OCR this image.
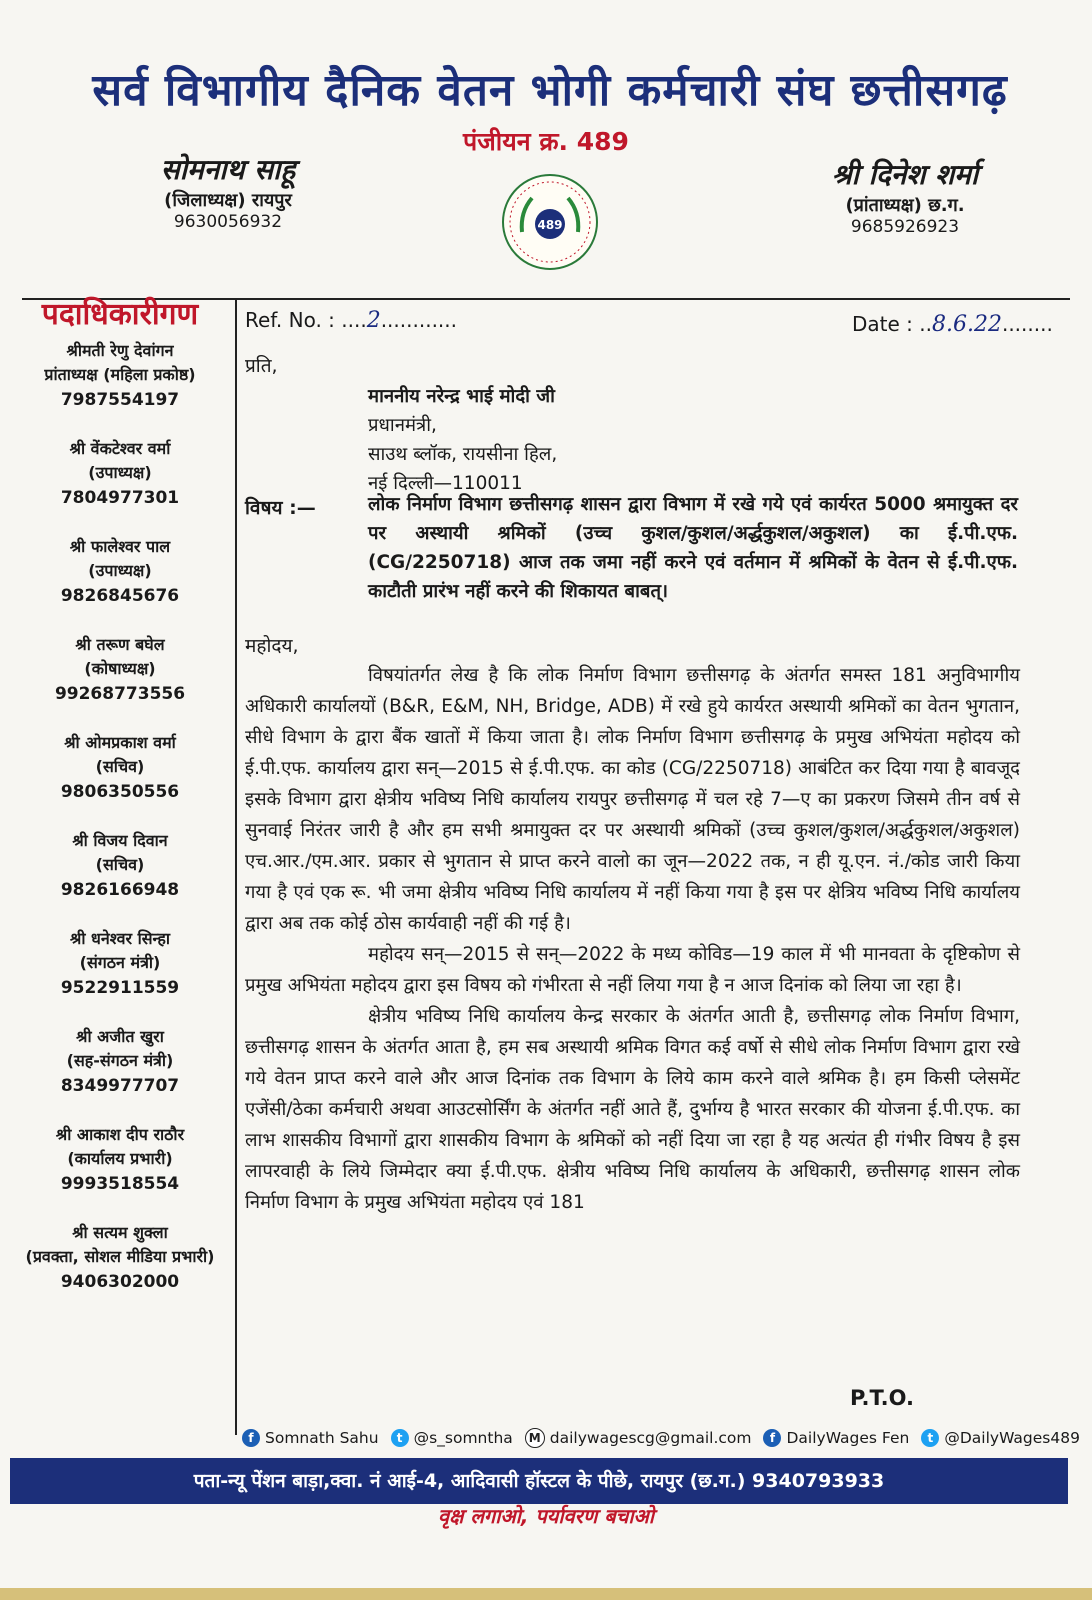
सर्व विभागीय दैनिक वेतन भोगी कर्मचारी संघ छत्तीसगढ़
पंजीयन क्र. 489
सोमनाथ साहू
(जिलाध्यक्ष) रायपुर
9630056932	489
श्री दिनेश शर्मा
(प्रांताध्यक्ष) छ.ग.
9685926923
पदाधिकारीगण
श्रीमती रेणु देवांगन
प्रांताध्यक्ष (महिला प्रकोष्ठ)
7987554197
श्री वेंकटेश्वर वर्मा
(उपाध्यक्ष)
7804977301
श्री फालेश्वर पाल
(उपाध्यक्ष)
9826845676
श्री तरूण बघेल
(कोषाध्यक्ष)
99268773556
श्री ओमप्रकाश वर्मा
(सचिव)
9806350556
श्री विजय दिवान
(सचिव)
9826166948
श्री धनेश्वर सिन्हा
(संगठन मंत्री)
9522911559
श्री अजीत खुरा
(सह-संगठन मंत्री)
8349977707
श्री आकाश दीप राठौर
(कार्यालय प्रभारी)
9993518554
श्री सत्यम शुक्ला
(प्रवक्ता, सोशल मीडिया प्रभारी)
9406302000
Ref. No. : ....2............	Date : ..8.6.22........
प्रति,
माननीय नरेन्द्र भाई मोदी जी
प्रधानमंत्री,
साउथ ब्लॉक, रायसीना हिल,
नई दिल्ली—110011
विषय :—	लोक निर्माण विभाग छत्तीसगढ़ शासन द्वारा विभाग में रखे गये एवं कार्यरत 5000 श्रमायुक्त दर पर अस्थायी श्रमिकों (उच्च कुशल/कुशल/अर्द्धकुशल/अकुशल) का ई.पी.एफ. (CG/2250718) आज तक जमा नहीं करने एवं वर्तमान में श्रमिकों के वेतन से ई.पी.एफ. काटौती प्रारंभ नहीं करने की शिकायत बाबत्।
महोदय,

विषयांतर्गत लेख है कि लोक निर्माण विभाग छत्तीसगढ़ के अंतर्गत समस्त 181 अनुविभागीय अधिकारी कार्यालयों (B&R, E&M, NH, Bridge, ADB) में रखे हुये कार्यरत अस्थायी श्रमिकों का वेतन भुगतान, सीधे विभाग के द्वारा बैंक खातों में किया जाता है। लोक निर्माण विभाग छत्तीसगढ़ के प्रमुख अभियंता महोदय को ई.पी.एफ. कार्यालय द्वारा सन्—2015 से ई.पी.एफ. का कोड (CG/2250718) आबंटित कर दिया गया है बावजूद इसके विभाग द्वारा क्षेत्रीय भविष्य निधि कार्यालय रायपुर छत्तीसगढ़ में चल रहे 7—ए का प्रकरण जिसमे तीन वर्ष से सुनवाई निरंतर जारी है और हम सभी श्रमायुक्त दर पर अस्थायी श्रमिकों (उच्च कुशल/कुशल/अर्द्धकुशल/अकुशल) एच.आर./एम.आर. प्रकार से भुगतान से प्राप्त करने वालो का जून—2022 तक, न ही यू.एन. नं./कोड जारी किया गया है एवं एक रू. भी जमा क्षेत्रीय भविष्य निधि कार्यालय में नहीं किया गया है इस पर क्षेत्रिय भविष्य निधि कार्यालय द्वारा अब तक कोई ठोस कार्यवाही नहीं की गई है।

महोदय सन्—2015 से सन्—2022 के मध्य कोविड—19 काल में भी मानवता के दृष्टिकोण से प्रमुख अभियंता महोदय द्वारा इस विषय को गंभीरता से नहीं लिया गया है न आज दिनांक को लिया जा रहा है।

क्षेत्रीय भविष्य निधि कार्यालय केन्द्र सरकार के अंतर्गत आती है, छत्तीसगढ़ लोक निर्माण विभाग, छत्तीसगढ़ शासन के अंतर्गत आता है, हम सब अस्थायी श्रमिक विगत कई वर्षो से सीधे लोक निर्माण विभाग द्वारा रखे गये वेतन प्राप्त करने वाले और आज दिनांक तक विभाग के लिये काम करने वाले श्रमिक है। हम किसी प्लेसमेंट एजेंसी/ठेका कर्मचारी अथवा आउटसोर्सिंग के अंतर्गत नहीं आते हैं, दुर्भाग्य है भारत सरकार की योजना ई.पी.एफ. का लाभ शासकीय विभागों द्वारा शासकीय विभाग के श्रमिकों को नहीं दिया जा रहा है यह अत्यंत ही गंभीर विषय है इस लापरवाही के लिये जिम्मेदार क्या ई.पी.एफ. क्षेत्रीय भविष्य निधि कार्यालय के अधिकारी, छत्तीसगढ़ शासन लोक निर्माण विभाग के प्रमुख अभियंता महोदय एवं 181

P.T.O.
f Somnath Sahu	t @s_somntha	M dailywagescg@gmail.com	f DailyWages Fen	t @DailyWages489
पता-न्यू पेंशन बाड़ा,क्वा. नं आई-4, आदिवासी हॉस्टल के पीछे, रायपुर (छ.ग.) 9340793933
वृक्ष लगाओ, पर्यावरण बचाओ
